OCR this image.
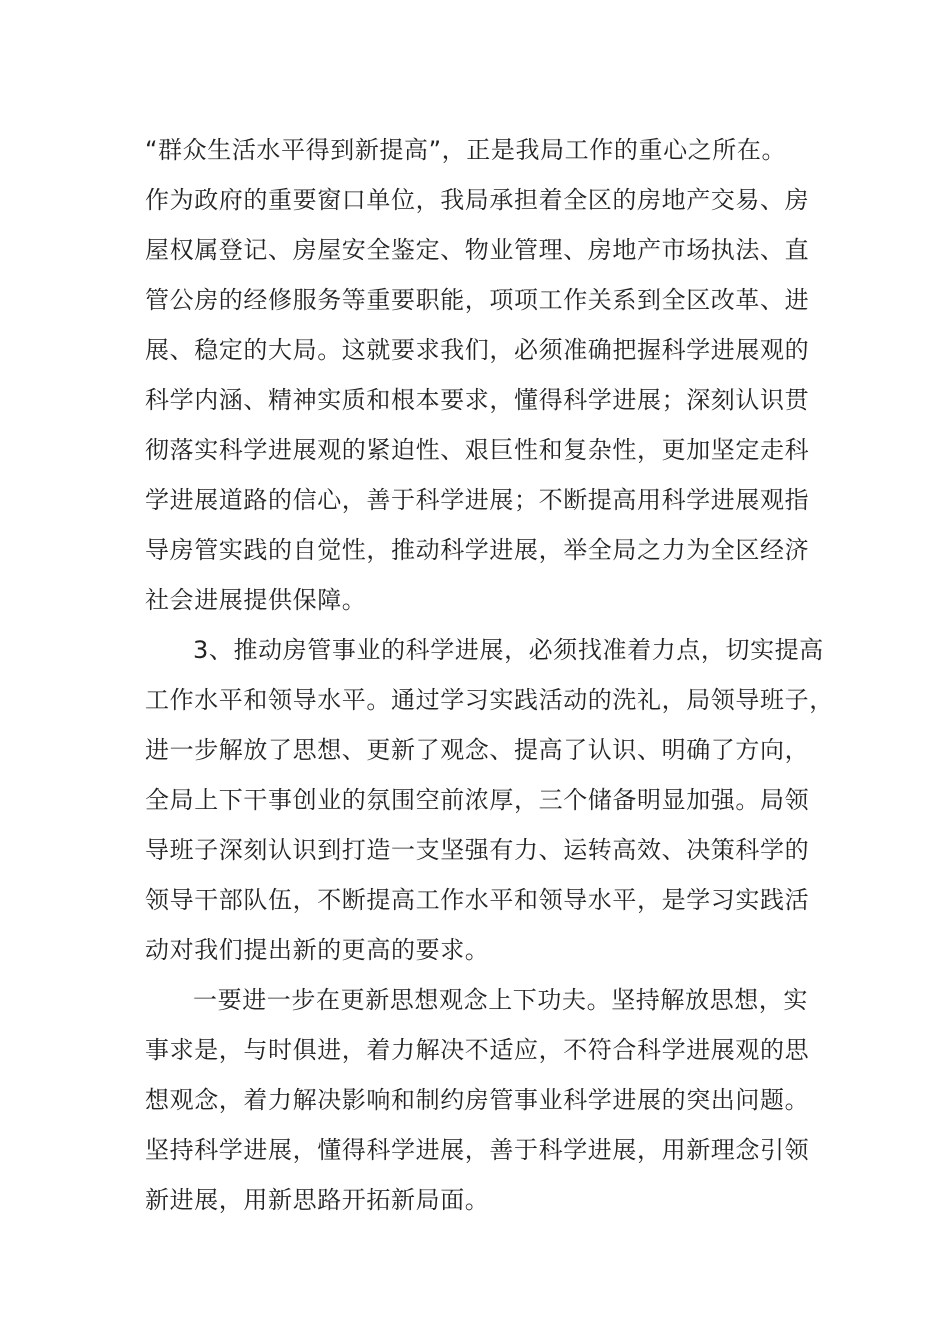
“群众生活水平得到新提高”，正是我局工作的重心之所在。
作为政府的重要窗口单位，我局承担着全区的房地产交易、房
屋权属登记、房屋安全鉴定、物业管理、房地产市场执法、直
管公房的经修服务等重要职能，项项工作关系到全区改革、进
展、稳定的大局。这就要求我们，必须准确把握科学进展观的
科学内涵、精神实质和根本要求，懂得科学进展；深刻认识贯
彻落实科学进展观的紧迫性、艰巨性和复杂性，更加坚定走科
学进展道路的信心，善于科学进展；不断提高用科学进展观指
导房管实践的自觉性，推动科学进展，举全局之力为全区经济
社会进展提供保障。
3、推动房管事业的科学进展，必须找准着力点，切实提高
工作水平和领导水平。通过学习实践活动的洗礼，局领导班子，
进一步解放了思想、更新了观念、提高了认识、明确了方向，
全局上下干事创业的氛围空前浓厚，三个储备明显加强。局领
导班子深刻认识到打造一支坚强有力、运转高效、决策科学的
领导干部队伍，不断提高工作水平和领导水平，是学习实践活
动对我们提出新的更高的要求。
一要进一步在更新思想观念上下功夫。坚持解放思想，实
事求是，与时俱进，着力解决不适应，不符合科学进展观的思
想观念，着力解决影响和制约房管事业科学进展的突出问题。
坚持科学进展，懂得科学进展，善于科学进展，用新理念引领
新进展，用新思路开拓新局面。
